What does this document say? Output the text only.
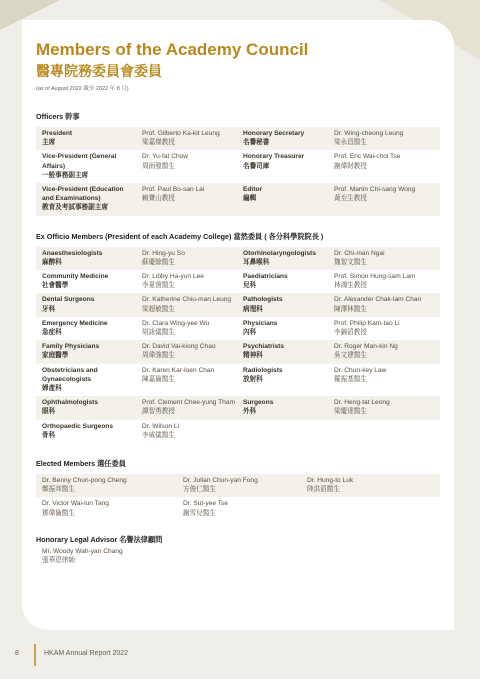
Members of the Academy Council
醫專院務委員會委員
(as of August 2022 截至 2022 年 8 月)
Officers 幹事
President
主席
Prof. Gilberto Ka-kit Leung
梁嘉傑教授
Honorary Secretary
名譽秘書
Dr. Wing-cheong Leung
梁永昌醫生
Vice-President (General Affairs)
一般事務副主席
Dr. Yu-fat Chow
周雨發醫生
Honorary Treasurer
名譽司庫
Prof. Eric Wai-choi Tse
謝偉財教授
Vice-President (Education and Examinations)
教育及考試事務副主席
Prof. Paul Bo-san Lai
賴寶山教授
Editor
編輯
Prof. Martin Chi-sang Wong
黃至生教授
Ex Officio Members (President of each Academy College) 當然委員 ( 各分科學院院長 )
Anaesthesiologists
麻醉科
Dr. Hing-yu So
蘇慶餘醫生
Otorhinolaryngologists
耳鼻喉科
Dr. Chi-man Ngai
魏智文醫生
Community Medicine
社會醫學
Dr. Libby Ha-yun Lee
李夏茵醫生
Paediatricians
兒科
Prof. Simon Hung-sam Lam
林鴻生教授
Dental Surgeons
牙科
Dr. Katherine Chiu-man Leung
梁超敏醫生
Pathologists
病理科
Dr. Alexander Chak-lam Chan
陳澤林醫生
Emergency Medicine
急症科
Dr. Clara Wing-yee Wu
胡詠儀醫生
Physicians
內科
Prof. Philip Kam-tao Li
李錦滔教授
Family Physicians
家庭醫學
Dr. David Vai-kiong Chao
周偉強醫生
Psychiatrists
精神科
Dr. Roger Man-kin Ng
吳文建醫生
Obstetricians and Gynaecologists
婦產科
Dr. Karen Kar-loen Chan
陳嘉倫醫生
Radiologists
放射科
Dr. Chun-key Law
羅振基醫生
Ophthalmologists
眼科
Prof. Clement Chee-yung Tham
譚智勇教授
Surgeons
外科
Dr. Heng-tat Leong
梁慶達醫生
Orthopaedic Surgeons
骨科
Dr. Wilson Li
李威儀醫生
Elected Members 選任委員
Dr. Benny Chun-pong Cheng
鄭振邦醫生
Dr. Julian Chun-yan Fong
方俊仁醫生
Dr. Hung-to Luk
陸洪滔醫生
Dr. Victor Wai-lun Tang
鄧偉倫醫生
Dr. Sut-yee Tse
謝雪兒醫生
Honorary Legal Advisor 名譽法律顧問
Mr. Woody Wah-yan Chang
張華恩律師
8	HKAM Annual Report 2022
